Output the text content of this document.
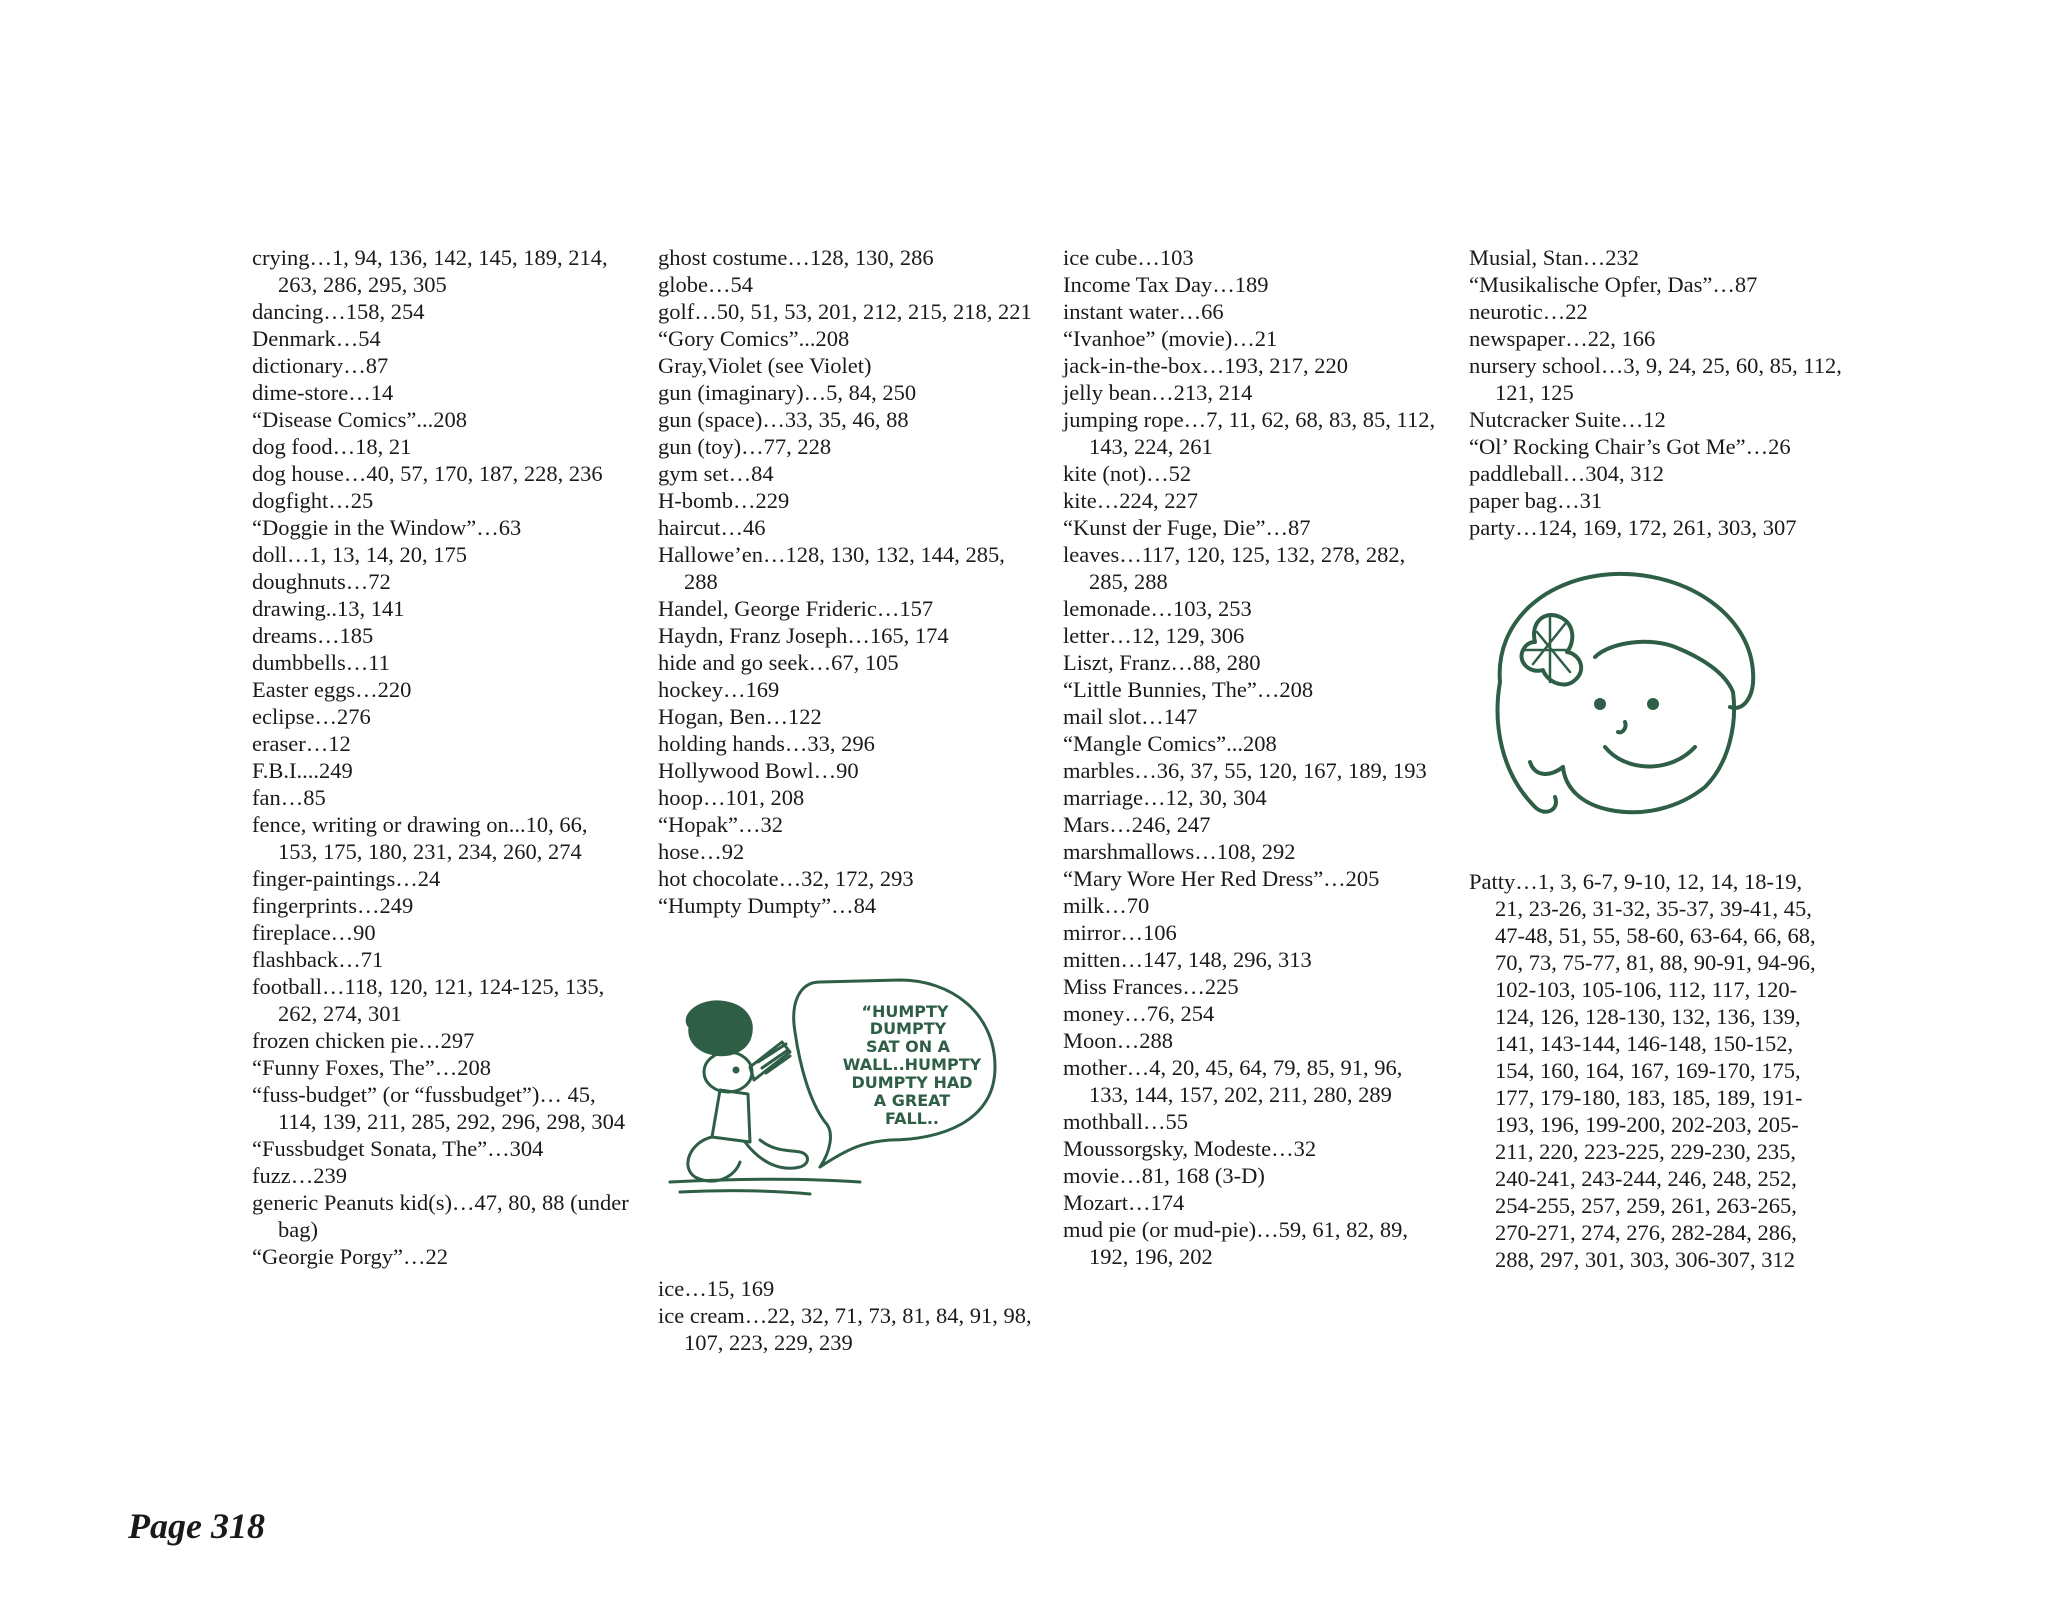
crying…1, 94, 136, 142, 145, 189, 214, 263, 286, 295, 305

dancing…158, 254

Denmark…54

dictionary…87

dime-store…14

“Disease Comics”...208

dog food…18, 21

dog house…40, 57, 170, 187, 228, 236

dogfight…25

“Doggie in the Window”…63

doll…1, 13, 14, 20, 175

doughnuts…72

drawing..13, 141

dreams…185

dumbbells…11

Easter eggs…220

eclipse…276

eraser…12

F.B.I....249

fan…85

fence, writing or drawing on...10, 66, 153, 175, 180, 231, 234, 260, 274

finger-paintings…24

fingerprints…249

fireplace…90

flashback…71

football…118, 120, 121, 124-125, 135, 262, 274, 301

frozen chicken pie…297

“Funny Foxes, The”…208

“fuss-budget” (or “fussbudget”)… 45, 114, 139, 211, 285, 292, 296, 298, 304

“Fussbudget Sonata, The”…304

fuzz…239

generic Peanuts kid(s)…47, 80, 88 (under bag)

“Georgie Porgy”…22

ghost costume…128, 130, 286

globe…54

golf…50, 51, 53, 201, 212, 215, 218, 221

“Gory Comics”...208

Gray,Violet (see Violet)

gun (imaginary)…5, 84, 250

gun (space)…33, 35, 46, 88

gun (toy)…77, 228

gym set…84

H-bomb…229

haircut…46

Hallowe’en…128, 130, 132, 144, 285, 288

Handel, George Frideric…157

Haydn, Franz Joseph…165, 174

hide and go seek…67, 105

hockey…169

Hogan, Ben…122

holding hands…33, 296

Hollywood Bowl…90

hoop…101, 208

“Hopak”…32

hose…92

hot chocolate…32, 172, 293

“Humpty Dumpty”…84

“HUMPTY
DUMPTY
SAT ON A
WALL..HUMPTY
DUMPTY HAD
A GREAT
FALL..

ice…15, 169

ice cream…22, 32, 71, 73, 81, 84, 91, 98, 107, 223, 229, 239

ice cube…103

Income Tax Day…189

instant water…66

“Ivanhoe” (movie)…21

jack-in-the-box…193, 217, 220

jelly bean…213, 214

jumping rope…7, 11, 62, 68, 83, 85, 112, 143, 224, 261

kite (not)…52

kite…224, 227

“Kunst der Fuge, Die”…87

leaves…117, 120, 125, 132, 278, 282, 285, 288

lemonade…103, 253

letter…12, 129, 306

Liszt, Franz…88, 280

“Little Bunnies, The”…208

mail slot…147

“Mangle Comics”...208

marbles…36, 37, 55, 120, 167, 189, 193

marriage…12, 30, 304

Mars…246, 247

marshmallows…108, 292

“Mary Wore Her Red Dress”…205

milk…70

mirror…106

mitten…147, 148, 296, 313

Miss Frances…225

money…76, 254

Moon…288

mother…4, 20, 45, 64, 79, 85, 91, 96, 133, 144, 157, 202, 211, 280, 289

mothball…55

Moussorgsky, Modeste…32

movie…81, 168 (3-D)

Mozart…174

mud pie (or mud-pie)…59, 61, 82, 89, 192, 196, 202

Musial, Stan…232

“Musikalische Opfer, Das”…87

neurotic…22

newspaper…22, 166

nursery school…3, 9, 24, 25, 60, 85, 112, 121, 125

Nutcracker Suite…12

“Ol’ Rocking Chair’s Got Me”…26

paddleball…304, 312

paper bag…31

party…124, 169, 172, 261, 303, 307

Patty…1, 3, 6-7, 9-10, 12, 14, 18-19, 21, 23-26, 31-32, 35-37, 39-41, 45, 47-48, 51, 55, 58-60, 63-64, 66, 68, 70, 73, 75-77, 81, 88, 90-91, 94-96, 102-103, 105-106, 112, 117, 120-124, 126, 128-130, 132, 136, 139, 141, 143-144, 146-148, 150-152, 154, 160, 164, 167, 169-170, 175, 177, 179-180, 183, 185, 189, 191-193, 196, 199-200, 202-203, 205-211, 220, 223-225, 229-230, 235, 240-241, 243-244, 246, 248, 252, 254-255, 257, 259, 261, 263-265, 270-271, 274, 276, 282-284, 286, 288, 297, 301, 303, 306-307, 312

Page 318
